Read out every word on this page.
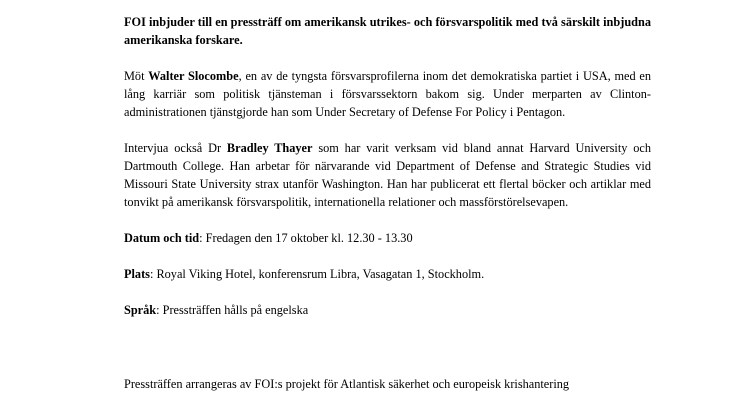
FOI inbjuder till en pressträff om amerikansk utrikes- och försvarspolitik med två särskilt inbjudna amerikanska forskare.

Möt Walter Slocombe, en av de tyngsta försvarsprofilerna inom det demokratiska partiet i USA, med en lång karriär som politisk tjänsteman i försvarssektorn bakom sig. Under merparten av Clinton-administrationen tjänstgjorde han som Under Secretary of Defense For Policy i Pentagon.

Intervjua också Dr Bradley Thayer som har varit verksam vid bland annat Harvard University och Dartmouth College. Han arbetar för närvarande vid Department of Defense and Strategic Studies vid Missouri State University strax utanför Washington. Han har publicerat ett flertal böcker och artiklar med tonvikt på amerikansk försvarspolitik, internationella relationer och massförstörelsevapen.

Datum och tid: Fredagen den 17 oktober kl. 12.30 - 13.30

Plats: Royal Viking Hotel, konferensrum Libra, Vasagatan 1, Stockholm.

Språk: Pressträffen hålls på engelska

Pressträffen arrangeras av FOI:s projekt för Atlantisk säkerhet och europeisk krishantering
